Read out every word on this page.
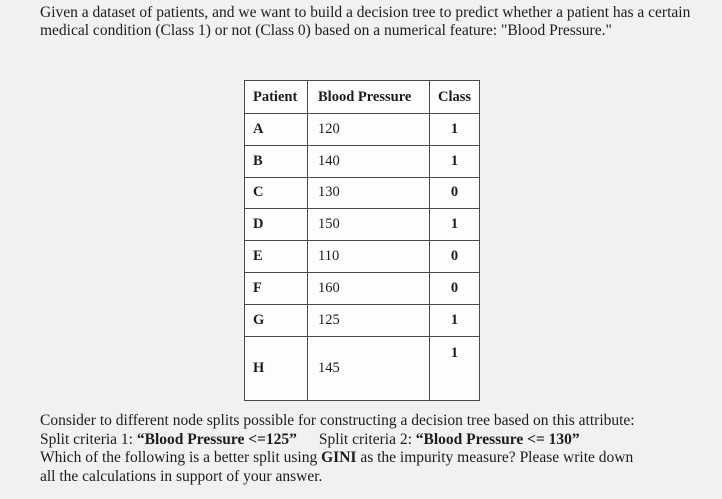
Given a dataset of patients, and we want to build a decision tree to predict whether a patient has a certain medical condition (Class 1) or not (Class 0) based on a numerical feature: "Blood Pressure."

Patient	Blood Pressure	Class
A	120	1
B	140	1
C	130	0
D	150	1
E	110	0
F	160	0
G	125	1
H	145	1
Consider to different node splits possible for constructing a decision tree based on this attribute:
Split criteria 1: “Blood Pressure <=125” Split criteria 2: “Blood Pressure <= 130”
Which of the following is a better split using GINI as the impurity measure? Please write down
all the calculations in support of your answer.
